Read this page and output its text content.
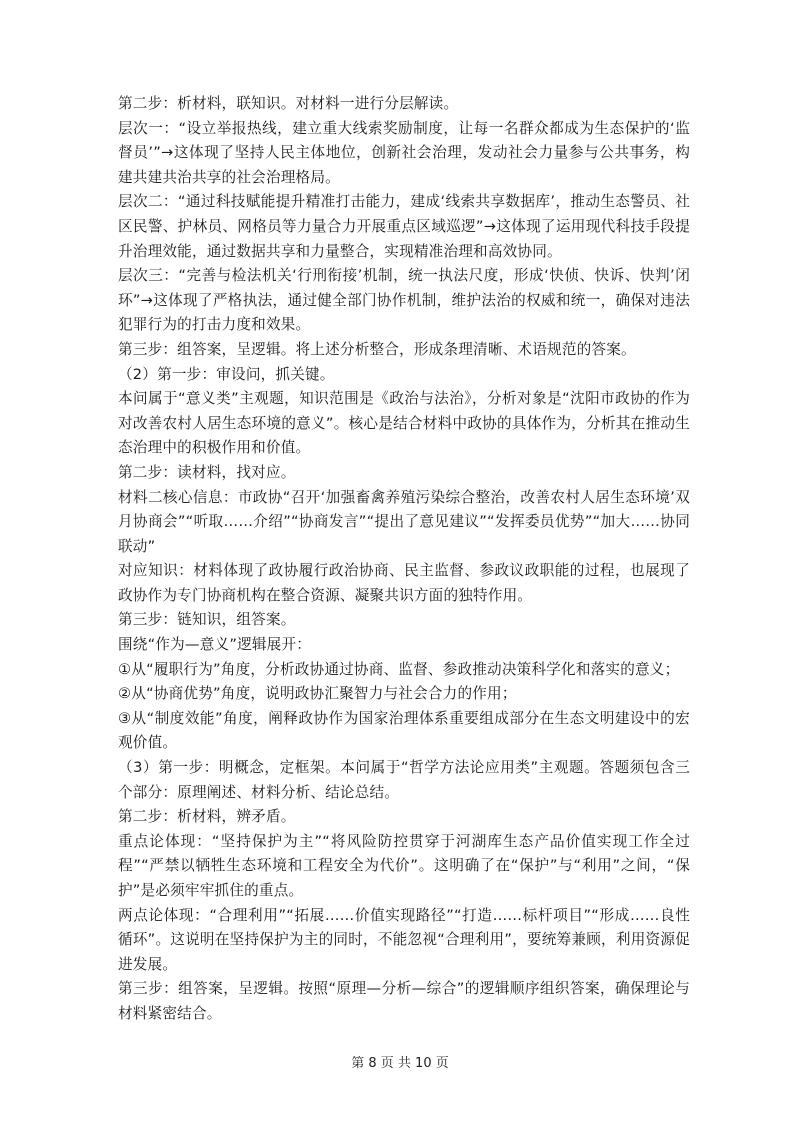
第二步：析材料，联知识。对材料一进行分层解读。

层次一：“设立举报热线，建立重大线索奖励制度，让每一名群众都成为生态保护的‘监督员’”→这体现了坚持人民主体地位，创新社会治理，发动社会力量参与公共事务，构建共建共治共享的社会治理格局。

层次二：“通过科技赋能提升精准打击能力，建成‘线索共享数据库’，推动生态警员、社区民警、护林员、网格员等力量合力开展重点区域巡逻”→这体现了运用现代科技手段提升治理效能，通过数据共享和力量整合，实现精准治理和高效协同。

层次三：“完善与检法机关‘行刑衔接’机制，统一执法尺度，形成‘快侦、快诉、快判’闭环”→这体现了严格执法，通过健全部门协作机制，维护法治的权威和统一，确保对违法犯罪行为的打击力度和效果。

第三步：组答案，呈逻辑。将上述分析整合，形成条理清晰、术语规范的答案。

（2）第一步：审设问，抓关键。

本问属于“意义类”主观题，知识范围是《政治与法治》，分析对象是“沈阳市政协的作为对改善农村人居生态环境的意义”。核心是结合材料中政协的具体作为，分析其在推动生态治理中的积极作用和价值。

第二步：读材料，找对应。

材料二核心信息：市政协“召开‘加强畜禽养殖污染综合整治，改善农村人居生态环境’双月协商会”“听取……介绍”“协商发言”“提出了意见建议”“发挥委员优势”“加大……协同联动”

对应知识：材料体现了政协履行政治协商、民主监督、参政议政职能的过程，也展现了政协作为专门协商机构在整合资源、凝聚共识方面的独特作用。

第三步：链知识，组答案。

围绕“作为—意义”逻辑展开：

①从“履职行为”角度，分析政协通过协商、监督、参政推动决策科学化和落实的意义；

②从“协商优势”角度，说明政协汇聚智力与社会合力的作用；

③从“制度效能”角度，阐释政协作为国家治理体系重要组成部分在生态文明建设中的宏观价值。

（3）第一步：明概念，定框架。本问属于“哲学方法论应用类”主观题。答题须包含三个部分：原理阐述、材料分析、结论总结。

第二步：析材料，辨矛盾。

重点论体现：“坚持保护为主”“将风险防控贯穿于河湖库生态产品价值实现工作全过程”“严禁以牺牲生态环境和工程安全为代价”。这明确了在“保护”与“利用”之间，“保护”是必须牢牢抓住的重点。

两点论体现：“合理利用”“拓展……价值实现路径”“打造……标杆项目”“形成……良性循环”。这说明在坚持保护为主的同时，不能忽视“合理利用”，要统筹兼顾，利用资源促进发展。

第三步：组答案，呈逻辑。按照“原理—分析—综合”的逻辑顺序组织答案，确保理论与材料紧密结合。

第 8 页 共 10 页
